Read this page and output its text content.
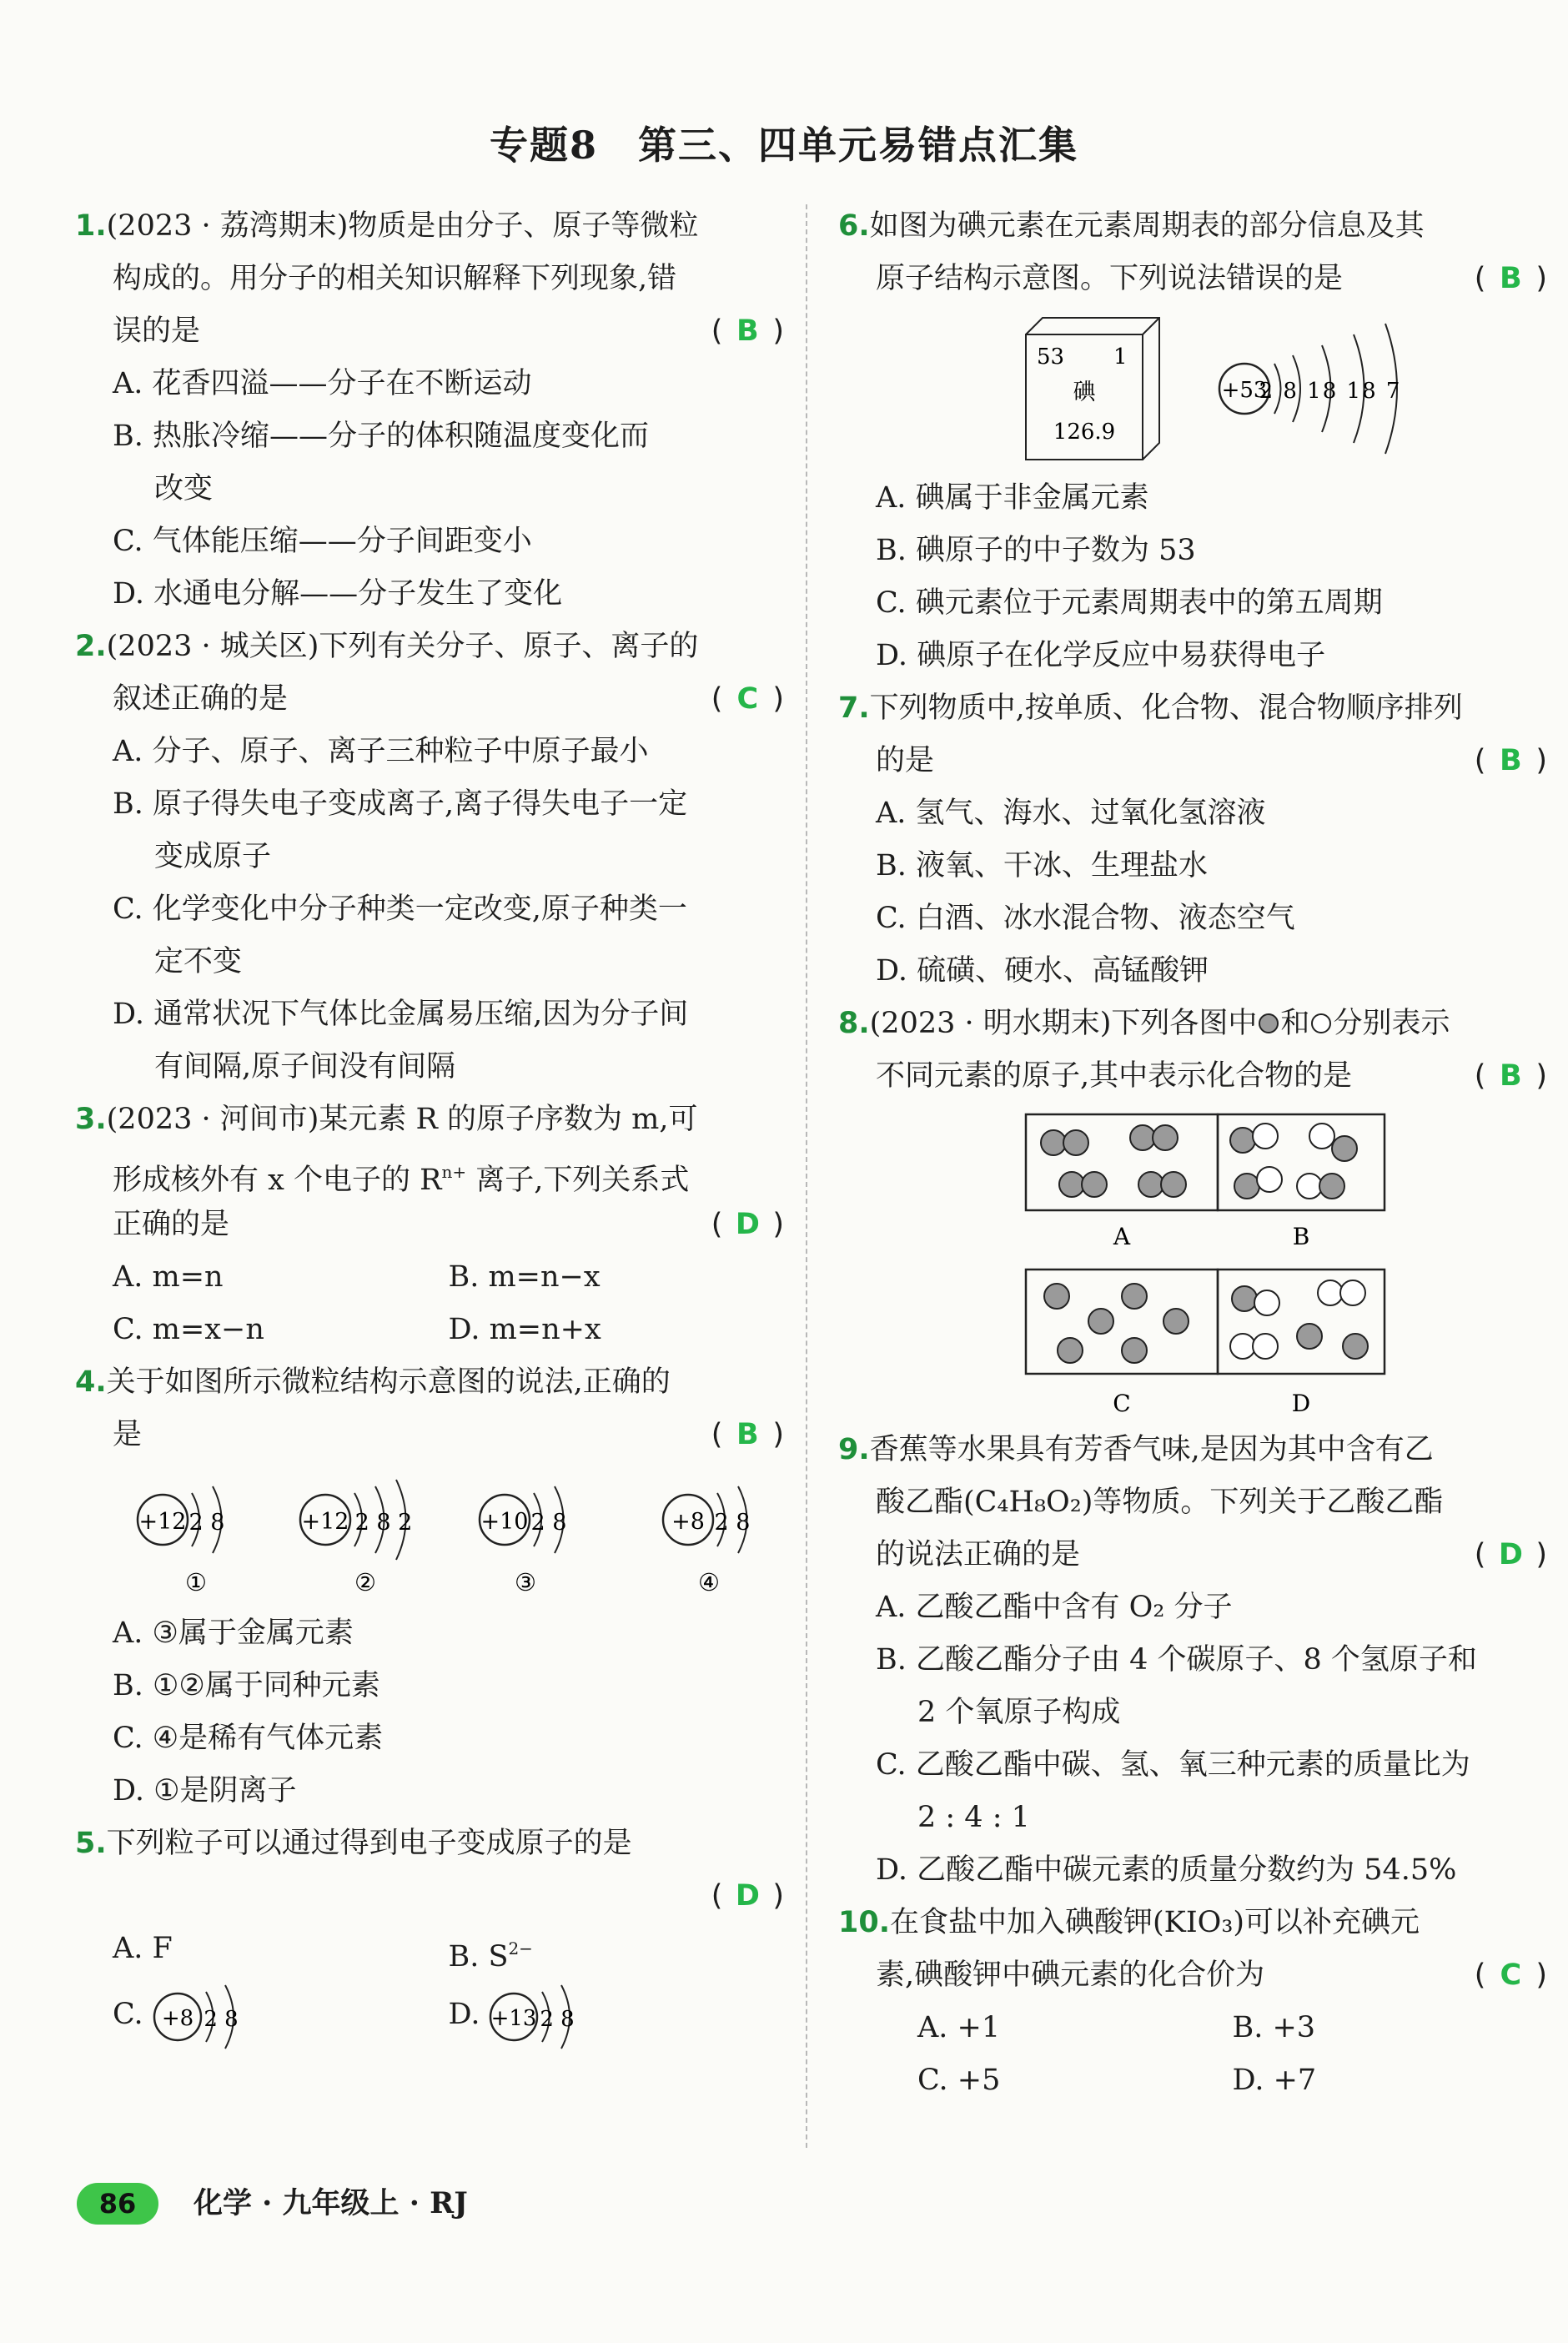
专题8　第三、四单元易错点汇集
1.(2023 · 荔湾期末)物质是由分子、原子等微粒
构成的。用分子的相关知识解释下列现象,错
误的是	( B )
A. 花香四溢——分子在不断运动
B. 热胀冷缩——分子的体积随温度变化而
改变
C. 气体能压缩——分子间距变小
D. 水通电分解——分子发生了变化
2.(2023 · 城关区)下列有关分子、原子、离子的
叙述正确的是	( C )
A. 分子、原子、离子三种粒子中原子最小
B. 原子得失电子变成离子,离子得失电子一定
变成原子
C. 化学变化中分子种类一定改变,原子种类一
定不变
D. 通常状况下气体比金属易压缩,因为分子间
有间隔,原子间没有间隔
3.(2023 · 河间市)某元素 R 的原子序数为 m,可
形成核外有 x 个电子的 $R^{n+}$ 离子,下列关系式
正确的是	( D )
A. m=n	B. m=n−x
C. m=x−n	D. m=n+x
4.关于如图所示微粒结构示意图的说法,正确的
是	( B )
+12 2 8
①
+12 2 8 2
②
+10 2 8
③
+8 2 8
④
A. ③属于金属元素
B. ①②属于同种元素
C. ④是稀有气体元素
D. ①是阴离子
5.下列粒子可以通过得到电子变成原子的是
( D )
A. F	B. $S^{2-}$
C. +8 2 8	D. +13 2 8
6.如图为碘元素在元素周期表的部分信息及其
原子结构示意图。下列说法错误的是	( B )
53 1
碘
126.9
+53
2 8 18 18 7
A. 碘属于非金属元素
B. 碘原子的中子数为 53
C. 碘元素位于元素周期表中的第五周期
D. 碘原子在化学反应中易获得电子
7.下列物质中,按单质、化合物、混合物顺序排列
的是	( B )
A. 氢气、海水、过氧化氢溶液
B. 液氧、干冰、生理盐水
C. 白酒、冰水混合物、液态空气
D. 硫磺、硬水、高锰酸钾
8.(2023 · 明水期末)下列各图中 和 分别表示
不同元素的原子,其中表示化合物的是	( B )
A	B
C	D
9.香蕉等水果具有芳香气味,是因为其中含有乙
酸乙酯(C₄H₈O₂)等物质。下列关于乙酸乙酯
的说法正确的是	( D )
A. 乙酸乙酯中含有 O₂ 分子
B. 乙酸乙酯分子由 4 个碳原子、8 个氢原子和
2 个氧原子构成
C. 乙酸乙酯中碳、氢、氧三种元素的质量比为
2 : 4 : 1
D. 乙酸乙酯中碳元素的质量分数约为 54.5%
10.在食盐中加入碘酸钾(KIO₃)可以补充碘元
素,碘酸钾中碘元素的化合价为	( C )
A. +1	B. +3
C. +5	D. +7
86	化学 · 九年级上 · RJ
